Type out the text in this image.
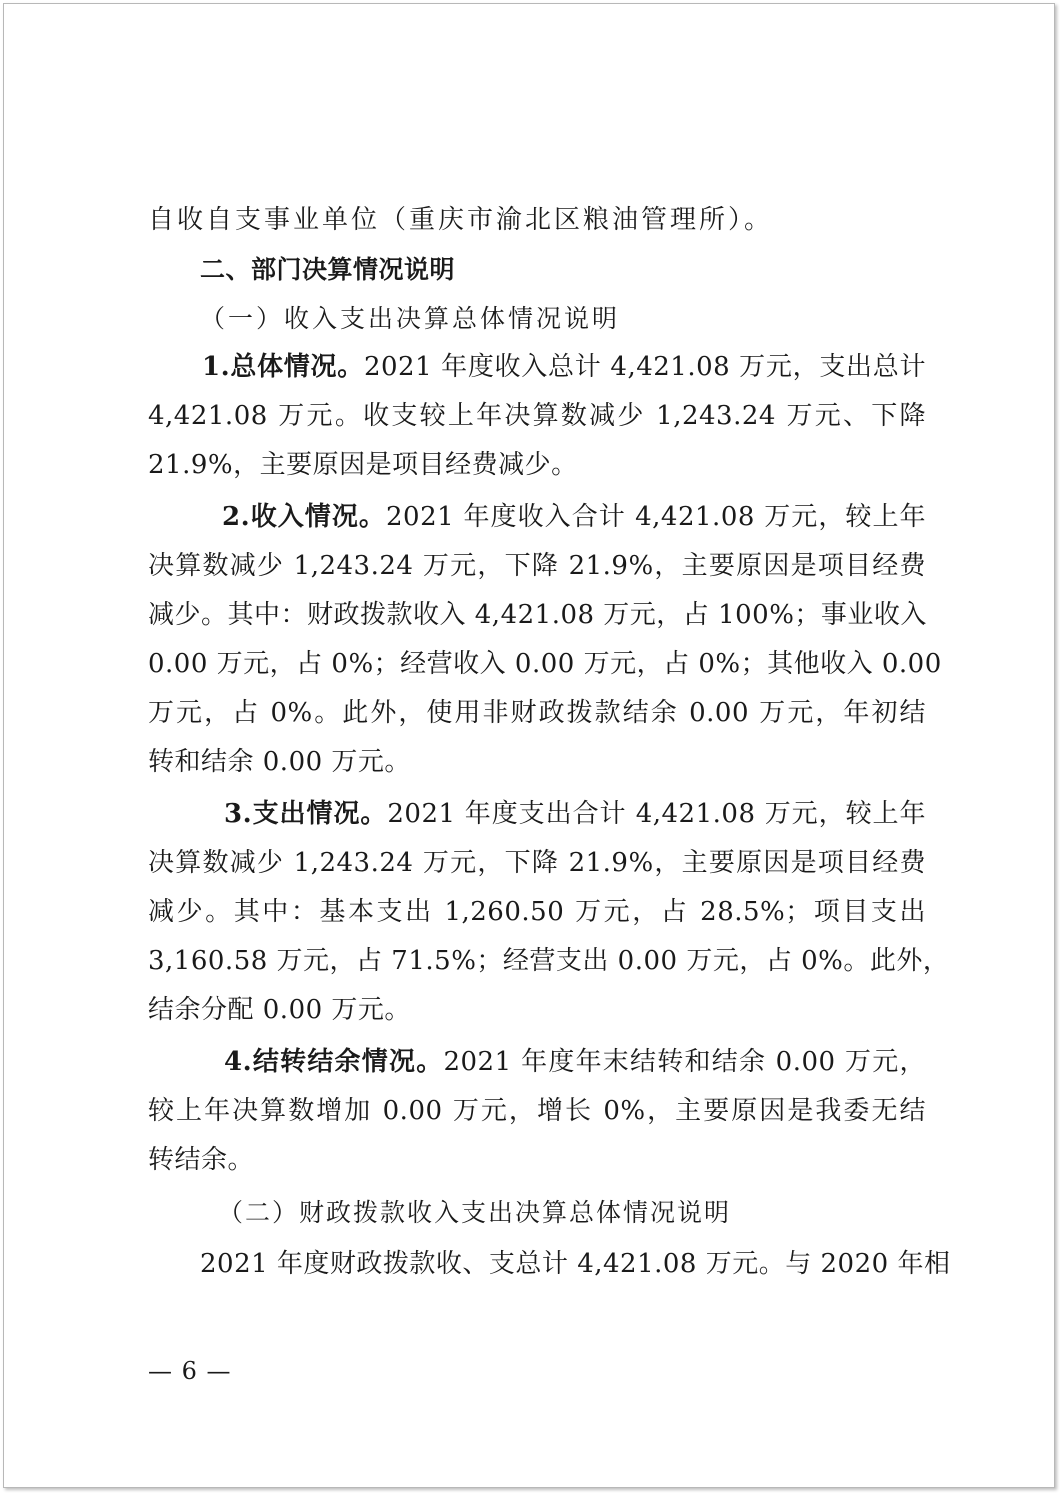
自收自支事业单位（重庆市渝北区粮油管理所）。
二、部门决算情况说明
（一）收入支出决算总体情况说明
1.总体情况。2021 年度收入总计 4,421.08 万元，支出总计
4,421.08 万元。收支较上年决算数减少 1,243.24 万元、下降
21.9%，主要原因是项目经费减少。
2.收入情况。2021 年度收入合计 4,421.08 万元，较上年
决算数减少 1,243.24 万元，下降 21.9%，主要原因是项目经费
减少。其中：财政拨款收入 4,421.08 万元，占 100%；事业收入
0.00 万元，占 0%；经营收入 0.00 万元，占 0%；其他收入 0.00
万元，占 0%。此外，使用非财政拨款结余 0.00 万元，年初结
转和结余 0.00 万元。
3.支出情况。2021 年度支出合计 4,421.08 万元，较上年
决算数减少 1,243.24 万元，下降 21.9%，主要原因是项目经费
减少。其中：基本支出 1,260.50 万元，占 28.5%；项目支出
3,160.58 万元，占 71.5%；经营支出 0.00 万元，占 0%。此外，
结余分配 0.00 万元。
4.结转结余情况。2021 年度年末结转和结余 0.00 万元，
较上年决算数增加 0.00 万元，增长 0%，主要原因是我委无结
转结余。
（二）财政拨款收入支出决算总体情况说明
2021 年度财政拨款收、支总计 4,421.08 万元。与 2020 年相
— 6 —
